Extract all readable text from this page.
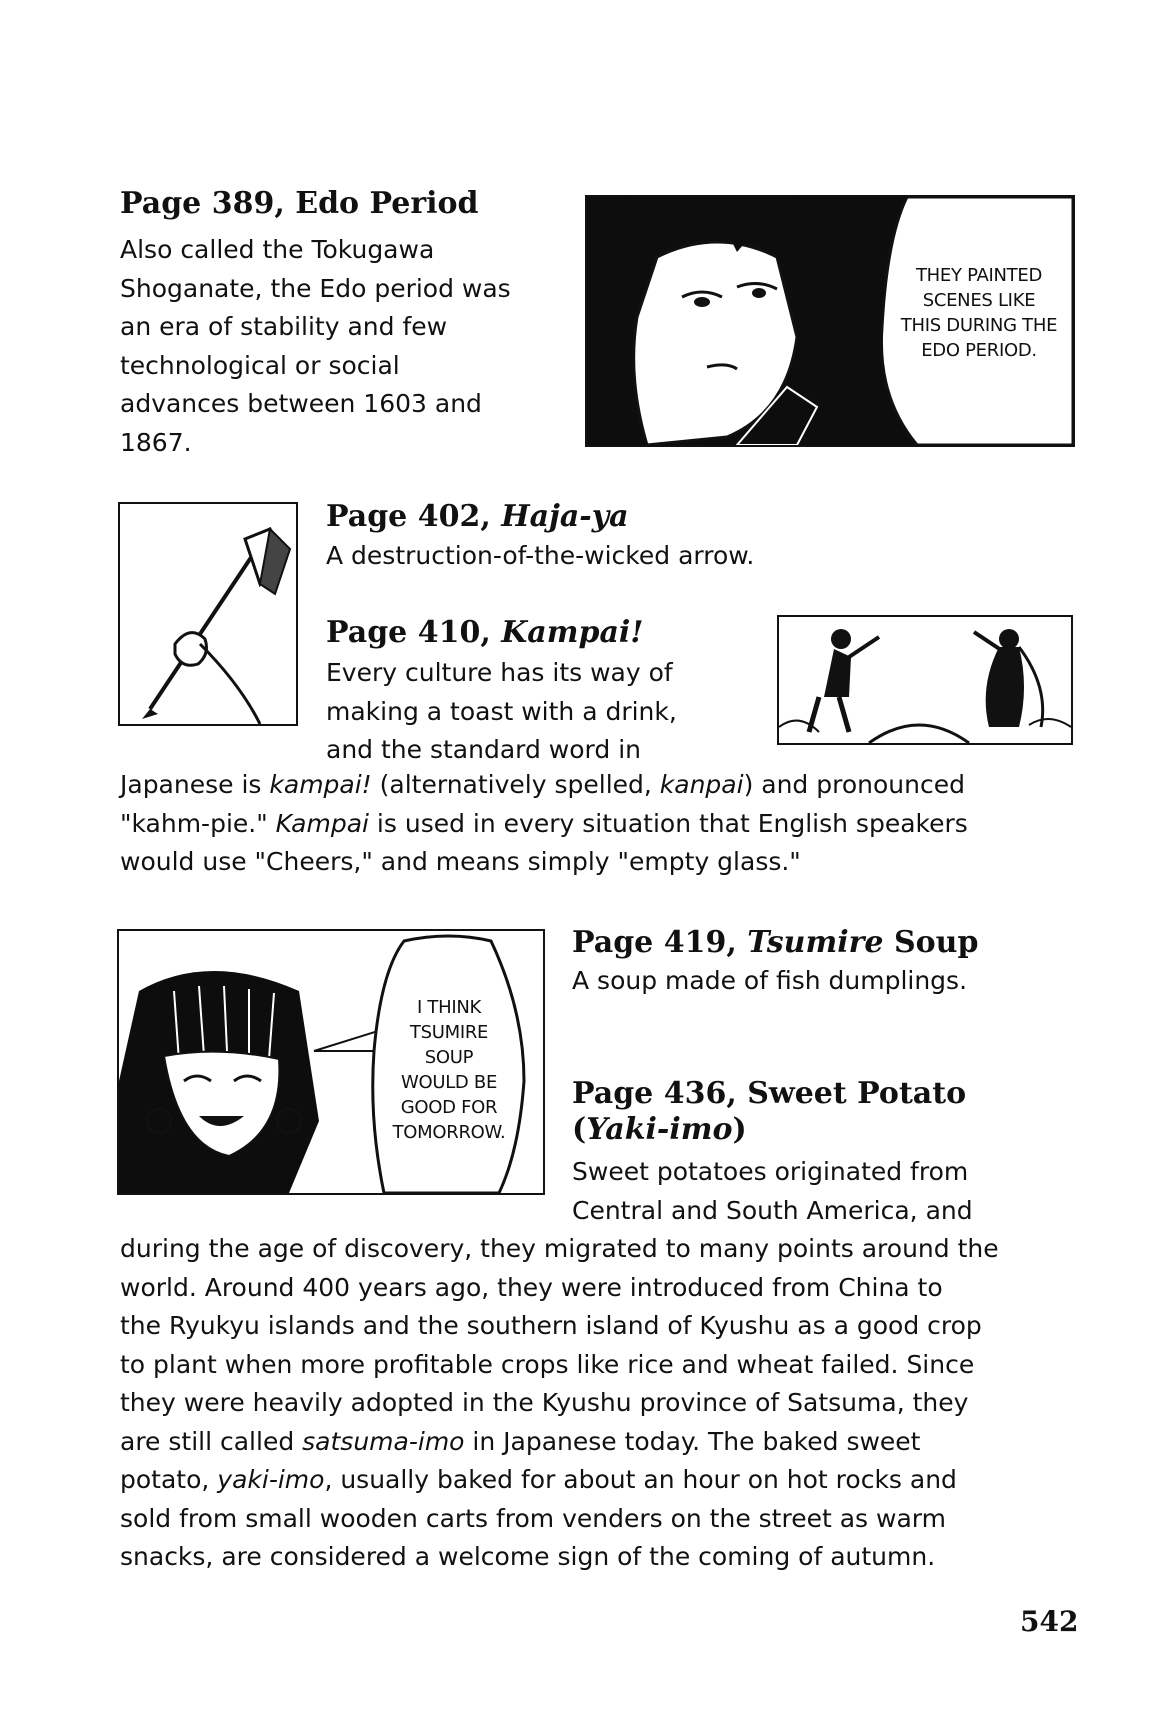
Page 389, Edo Period
Also called the Tokugawa
Shoganate, the Edo period was
an era of stability and few
technological or social
advances between 1603 and
1867.
THEY PAINTED
SCENES LIKE
THIS DURING THE
EDO PERIOD.
Page 402, Haja-ya
A destruction-of-the-wicked arrow.
Page 410, Kampai!
Every culture has its way of
making a toast with a drink,
and the standard word in
Japanese is kampai! (alternatively spelled, kanpai) and pronounced
"kahm-pie." Kampai is used in every situation that English speakers
would use "Cheers," and means simply "empty glass."
I THINK
TSUMIRE
SOUP
WOULD BE
GOOD FOR
TOMORROW.
Page 419, Tsumire Soup
A soup made of fish dumplings.
Page 436, Sweet Potato
(Yaki-imo)
Sweet potatoes originated from
Central and South America, and
during the age of discovery, they migrated to many points around the
world. Around 400 years ago, they were introduced from China to
the Ryukyu islands and the southern island of Kyushu as a good crop
to plant when more profitable crops like rice and wheat failed. Since
they were heavily adopted in the Kyushu province of Satsuma, they
are still called satsuma-imo in Japanese today. The baked sweet
potato, yaki-imo, usually baked for about an hour on hot rocks and
sold from small wooden carts from venders on the street as warm
snacks, are considered a welcome sign of the coming of autumn.
542
